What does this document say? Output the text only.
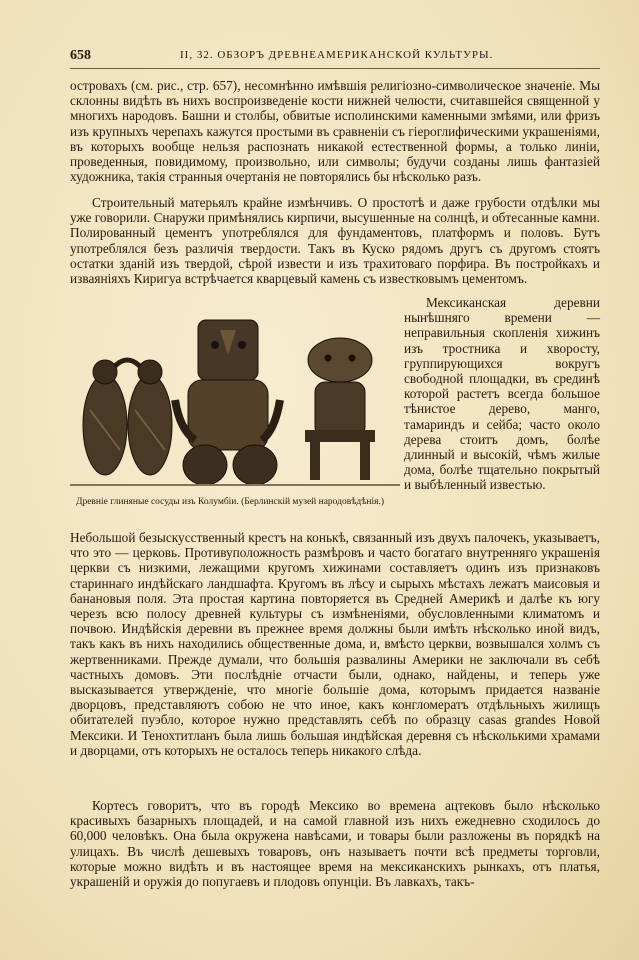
658	II, 32. ОБЗОРЪ ДРЕВНЕАМЕРИКАНСКОЙ КУЛЬТУРЫ.

островахъ (см. рис., стр. 657), несомнѣнно имѣвшія религіозно-символическое значеніе. Мы склонны видѣть въ нихъ воспроизведеніе кости нижней челюсти, считавшейся священной у многихъ народовъ. Башни и столбы, обвитые исполинскими каменными змѣями, или фризъ изъ крупныхъ черепахъ кажутся простыми въ сравненіи съ гіероглифическими украшеніями, въ которыхъ вообще нельзя распознать никакой естественной формы, а только линіи, проведенныя, повидимому, произвольно, или символы; будучи созданы лишь фантазіей художника, такія странныя очертанія не повторялись бы нѣсколько разъ.

Строительный матерьялъ крайне измѣнчивъ. О простотѣ и даже грубости отдѣлки мы уже говорили. Снаружи примѣнялись кирпичи, высушенные на солнцѣ, и обтесанные камни. Полированный цементъ употреблялся для фундаментовъ, платформъ и половъ. Бутъ употреблялся безъ различія твердости. Такъ въ Куско рядомъ другъ съ другомъ стоятъ остатки зданій изъ твердой, сѣрой извести и изъ трахитоваго порфира. Въ постройкахъ и изваяніяхъ Киригуа встрѣчается кварцевый камень съ известковымъ цементомъ.

Мексиканская деревни нынѣшняго времени — неправильныя скопленія хижинъ изъ тростника и хворосту, группирующихся вокругъ свободной площадки, въ срединѣ которой растетъ всегда большое тѣнистое дерево, манго, тамариндъ и сейба; часто около дерева стоитъ домъ, болѣе длинный и высокій, чѣмъ жилые дома, болѣе тщательно покрытый и выбѣленный известью.

Древніе глиняные сосуды изъ Колумбіи. (Берлинскій музей народовѣдѣнія.)

Небольшой безыскусственный крестъ на конькѣ, связанный изъ двухъ палочекъ, указываетъ, что это — церковь. Противуположность размѣровъ и частo богатаго внутренняго украшенія церкви съ низкими, лежащими кругомъ хижинами составляетъ одинъ изъ признаковъ стариннаго индѣйскаго ландшафта. Кругомъ въ лѣсу и сырыхъ мѣстахъ лежатъ маисовыя и банановыя поля. Эта простая картина повторяется въ Средней Америкѣ и далѣе къ югу черезъ всю полосу древней культуры съ измѣненіями, обусловленными климатомъ и почвою. Индѣйскія деревни въ прежнее время должны были имѣть нѣсколько иной видъ, такъ какъ въ нихъ находились общественные дома, и, вмѣсто церкви, возвышался холмъ съ жертвенниками. Прежде думали, что большія развалины Америки не заключали въ себѣ частныхъ домовъ. Эти послѣдніе отчасти были, однако, найдены, и теперь уже высказывается утвержденіе, что многіе большіе дома, которымъ придается названіе дворцовъ, представляютъ собою не что иное, какъ конгломератъ отдѣльныхъ жилищъ обитателей пуэбло, которое нужно представлять себѣ по образцу casas grandes Новой Мексики. И Тенохтитланъ была лишь большая индѣйская деревня съ нѣсколькими храмами и дворцами, отъ которыхъ не осталось теперь никакого слѣда.

Кортесъ говоритъ, что въ городѣ Мексико во времена ацтековъ было нѣсколько красивыхъ базарныхъ площадей, и на самой главной изъ нихъ ежедневно сходилось до 60,000 человѣкъ. Она была окружена навѣсами, и товары были разложены въ порядкѣ на улицахъ. Въ числѣ дешевыхъ товаровъ, онъ называетъ почти всѣ предметы торговли, которые можно видѣть и въ настоящее время на мексиканскихъ рынкахъ, отъ платья, украшеній и оружія до попугаевъ и плодовъ опунціи. Въ лавкахъ, такъ-
